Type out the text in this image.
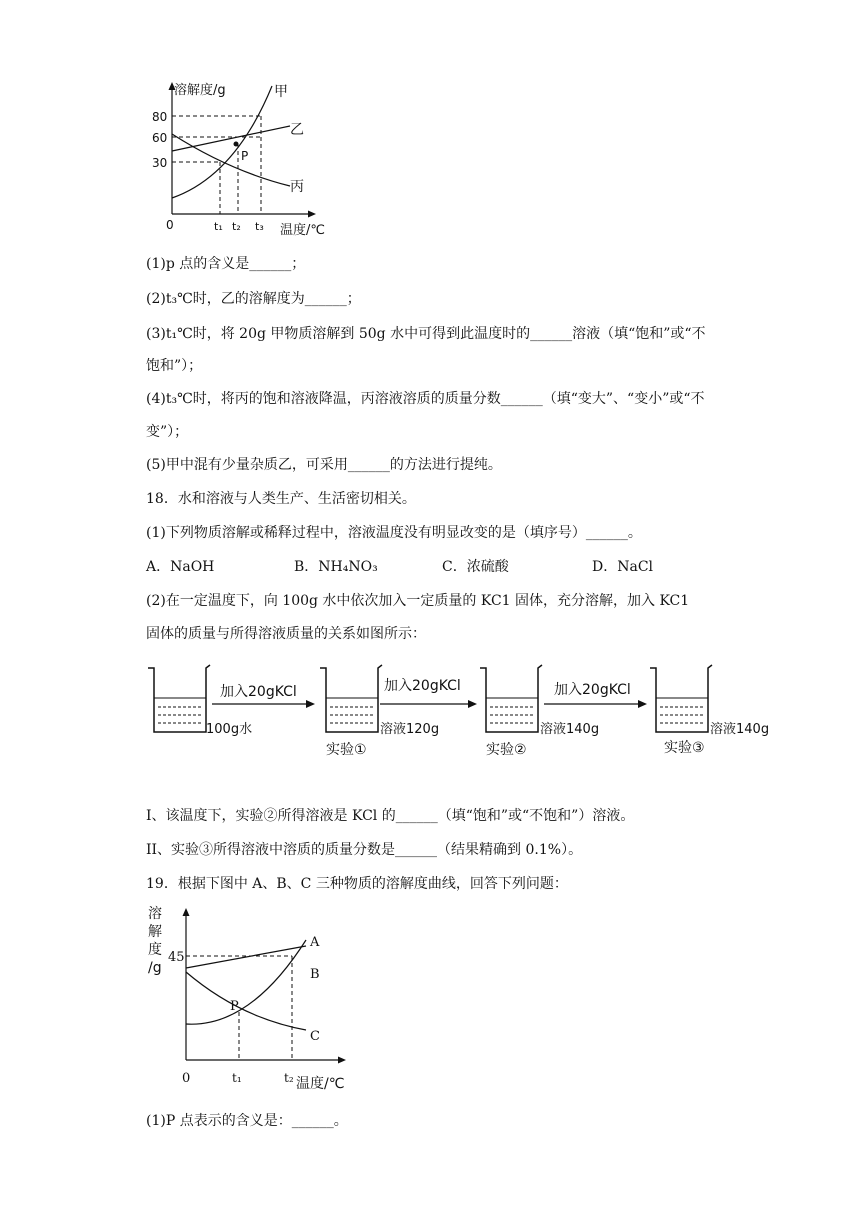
溶解度/g
80
60
30
0	t₁ t₂ t₃ 温度/℃
甲
乙
丙
P
(1)p 点的含义是______；
(2)t₃℃时，乙的溶解度为______；
(3)t₁℃时，将 20g 甲物质溶解到 50g 水中可得到此温度时的______溶液（填“饱和”或“不
饱和”）；
(4)t₃℃时，将丙的饱和溶液降温，丙溶液溶质的质量分数______（填“变大”、“变小”或“不
变”）；
(5)甲中混有少量杂质乙，可采用______的方法进行提纯。
18．水和溶液与人类生产、生活密切相关。
(1)下列物质溶解或稀释过程中，溶液温度没有明显改变的是（填序号）______。
A．NaOH	B．NH₄NO₃	C．浓硫酸	D．NaCl
(2)在一定温度下，向 100g 水中依次加入一定质量的 KC1 固体，充分溶解，加入 KC1
固体的质量与所得溶液质量的关系如图所示：
100g水
加入20gKCl
溶液120g
实验①
加入20gKCl
溶液140g
实验②
加入20gKCl
溶液140g
实验③
I、该温度下，实验②所得溶液是 KCl 的______（填“饱和”或“不饱和”）溶液。
II、实验③所得溶液中溶质的质量分数是______（结果精确到 0.1%）。
19．根据下图中 A、B、C 三种物质的溶解度曲线，回答下列问题：
溶
解
度
/g
45
0	t₁	t₂ 温度/℃
A
B
C
P
(1)P 点表示的含义是：______。
